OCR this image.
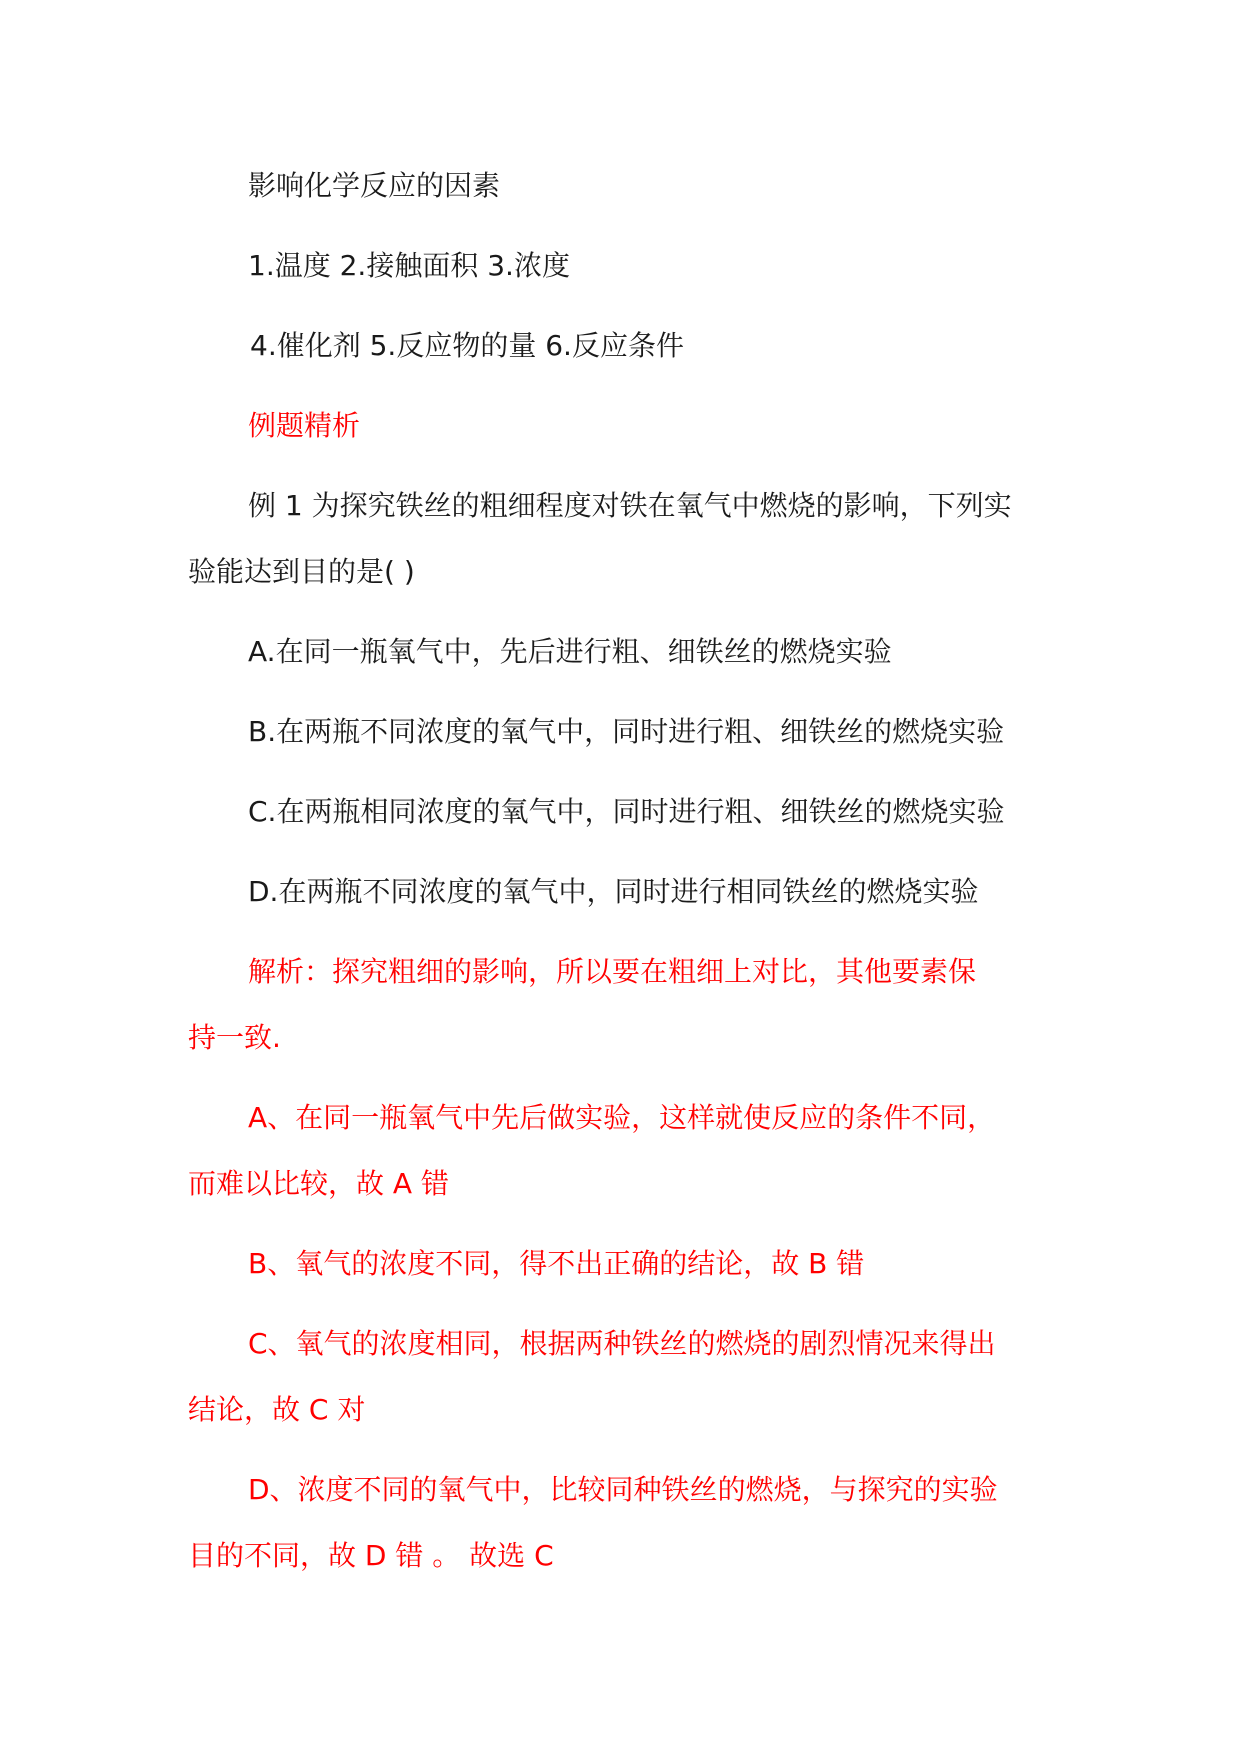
影响化学反应的因素
1.温度 2.接触面积 3.浓度
4.催化剂 5.反应物的量 6.反应条件
例题精析
例 1 为探究铁丝的粗细程度对铁在氧气中燃烧的影响，下列实
验能达到目的是( )
A.在同一瓶氧气中，先后进行粗、细铁丝的燃烧实验
B.在两瓶不同浓度的氧气中，同时进行粗、细铁丝的燃烧实验
C.在两瓶相同浓度的氧气中，同时进行粗、细铁丝的燃烧实验
D.在两瓶不同浓度的氧气中，同时进行相同铁丝的燃烧实验
解析：探究粗细的影响，所以要在粗细上对比，其他要素保
持一致.
A、在同一瓶氧气中先后做实验，这样就使反应的条件不同，
而难以比较，故 A 错
B、氧气的浓度不同，得不出正确的结论，故 B 错
C、氧气的浓度相同，根据两种铁丝的燃烧的剧烈情况来得出
结论，故 C 对
D、浓度不同的氧气中，比较同种铁丝的燃烧，与探究的实验
目的不同，故 D 错 。 故选 C
